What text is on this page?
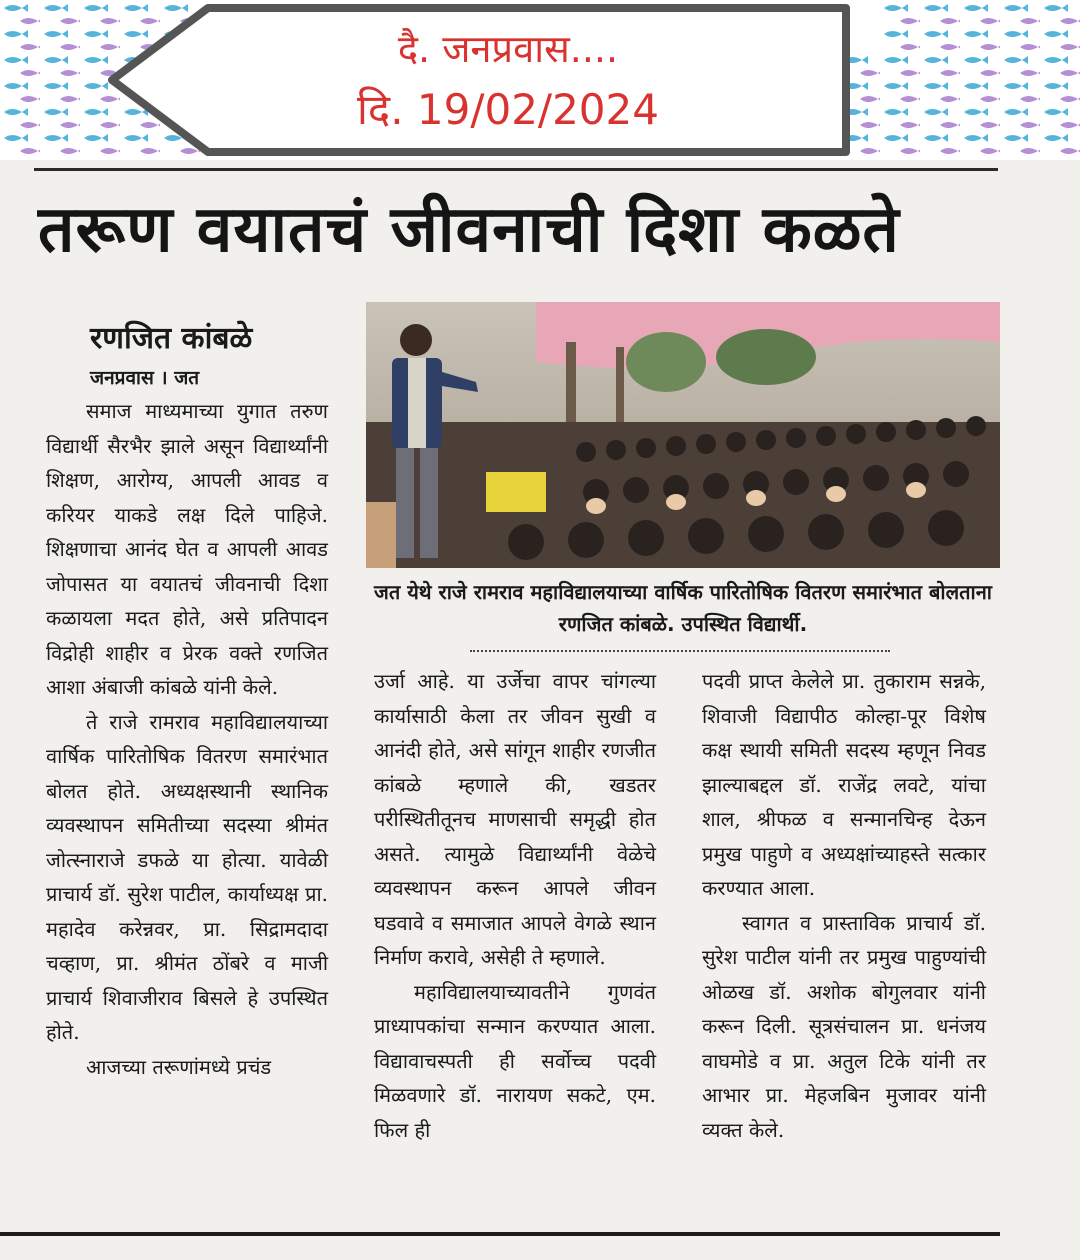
दै. जनप्रवास....
दि. 19/02/2024
तरूण वयातचं जीवनाची दिशा कळते
रणजित कांबळे
जनप्रवास । जत

समाज माध्यमाच्या युगात तरुण विद्यार्थी सैरभैर झाले असून विद्यार्थ्यांनी शिक्षण, आरोग्य, आपली आवड व करियर याकडे लक्ष दिले पाहिजे. शिक्षणाचा आनंद घेत व आपली आवड जोपासत या वयातचं जीवनाची दिशा कळायला मदत होते, असे प्रतिपादन विद्रोही शाहीर व प्रेरक वक्ते रणजित आशा अंबाजी कांबळे यांनी केले.

ते राजे रामराव महाविद्यालयाच्या वार्षिक पारितोषिक वितरण समारंभात बोलत होते. अध्यक्षस्थानी स्थानिक व्यवस्थापन समितीच्या सदस्या श्रीमंत जोत्स्नाराजे डफळे या होत्या. यावेळी प्राचार्य डॉ. सुरेश पाटील, कार्याध्यक्ष प्रा. महादेव करेन्नवर, प्रा. सिद्रामदादा चव्हाण, प्रा. श्रीमंत ठोंबरे व माजी प्राचार्य शिवाजीराव बिसले हे उपस्थित होते.

आजच्या तरूणांमध्ये प्रचंड

जत येथे राजे रामराव महाविद्यालयाच्या वार्षिक पारितोषिक वितरण समारंभात बोलताना रणजित कांबळे. उपस्थित विद्यार्थी.

उर्जा आहे. या उर्जेचा वापर चांगल्या कार्यासाठी केला तर जीवन सुखी व आनंदी होते, असे सांगून शाहीर रणजीत कांबळे म्हणाले की, खडतर परीस्थितीतूनच माणसाची समृद्धी होत असते. त्यामुळे विद्यार्थ्यांनी वेळेचे व्यवस्थापन करून आपले जीवन घडवावे व समाजात आपले वेगळे स्थान निर्माण करावे, असेही ते म्हणाले.

महाविद्यालयाच्यावतीने गुणवंत प्राध्यापकांचा सन्मान करण्यात आला. विद्यावाचस्पती ही सर्वोच्च पदवी मिळवणारे डॉ. नारायण सकटे, एम. फिल ही

पदवी प्राप्त केलेले प्रा. तुकाराम सन्नके, शिवाजी विद्यापीठ कोल्हा-पूर विशेष कक्ष स्थायी समिती सदस्य म्हणून निवड झाल्याबद्दल डॉ. राजेंद्र लवटे, यांचा शाल, श्रीफळ व सन्मानचिन्ह देऊन प्रमुख पाहुणे व अध्यक्षांच्याहस्ते सत्कार करण्यात आला.

स्वागत व प्रास्ताविक प्राचार्य डॉ. सुरेश पाटील यांनी तर प्रमुख पाहुण्यांची ओळख डॉ. अशोक बोगुलवार यांनी करून दिली. सूत्रसंचालन प्रा. धनंजय वाघमोडे व प्रा. अतुल टिके यांनी तर आभार प्रा. मेहजबिन मुजावर यांनी व्यक्त केले.
